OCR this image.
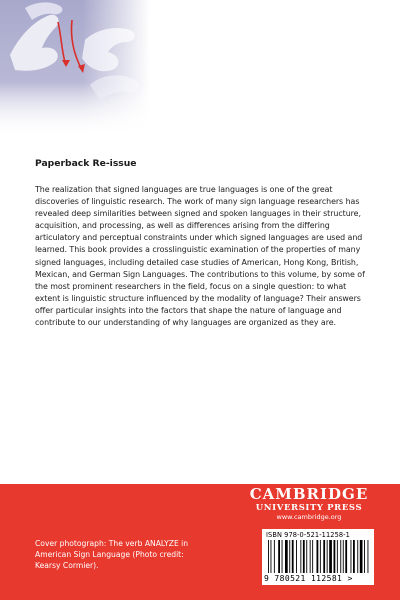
Paperback Re-issue

The realization that signed languages are true languages is one of the great discoveries of linguistic research. The work of many sign language researchers has revealed deep similarities between signed and spoken languages in their structure, acquisition, and processing, as well as differences arising from the differing articulatory and perceptual constraints under which signed languages are used and learned. This book provides a crosslinguistic examination of the properties of many signed languages, including detailed case studies of American, Hong Kong, British, Mexican, and German Sign Languages. The contributions to this volume, by some of the most prominent researchers in the field, focus on a single question: to what extent is linguistic structure influenced by the modality of language? Their answers offer particular insights into the factors that shape the nature of language and contribute to our understanding of why languages are organized as they are.

CAMBRIDGE
UNIVERSITY PRESS
www.cambridge.org
Cover photograph: The verb ANALYZE in American Sign Language (Photo credit: Kearsy Cormier).
ISBN 978-0-521-11258-1
9 780521 112581 >
